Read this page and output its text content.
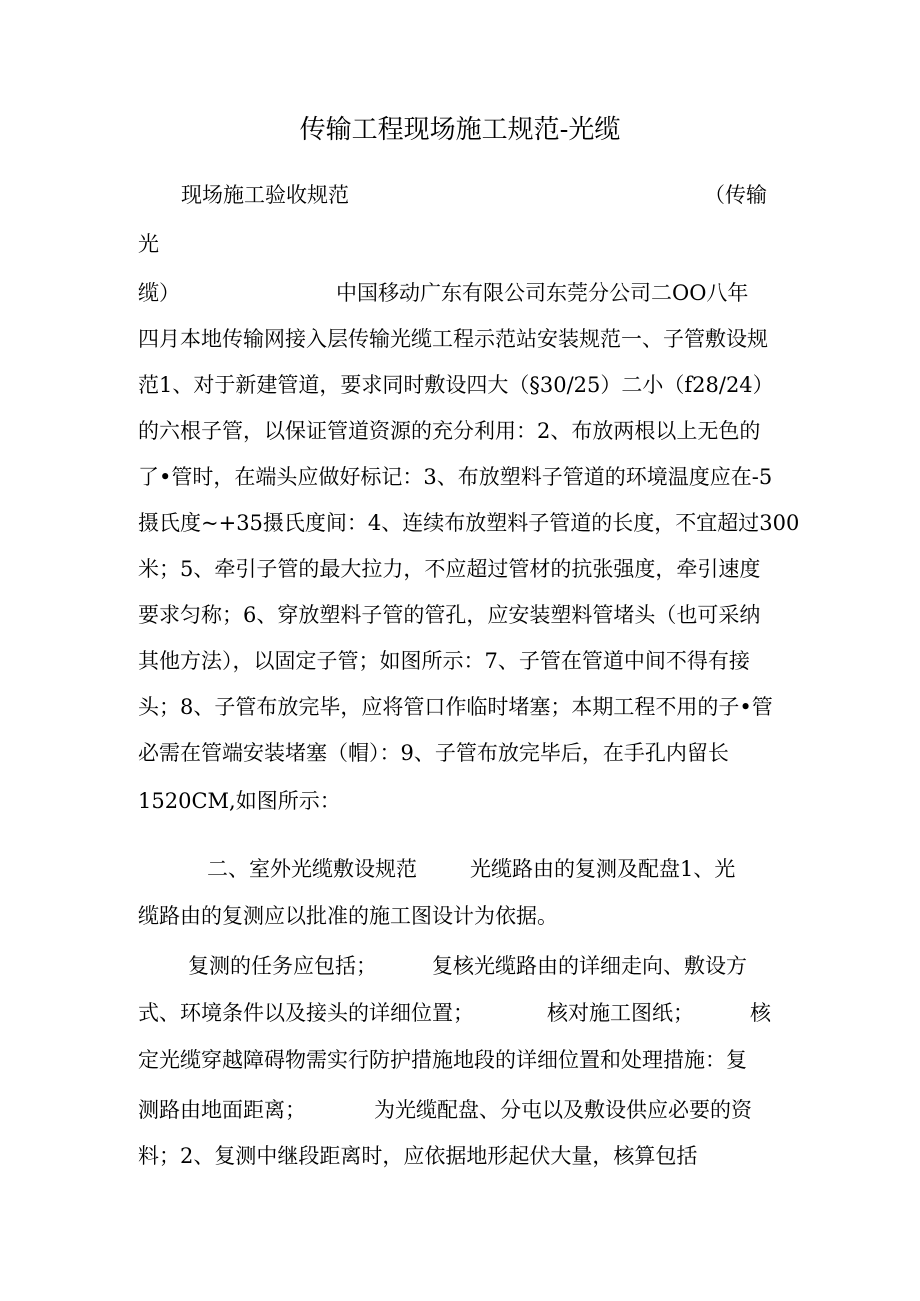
传输工程现场施工规范-光缆
现场施工验收规范	（传输
光
缆）	中国移动广东有限公司东莞分公司二OO八年
四月本地传输网接入层传输光缆工程示范站安装规范一、子管敷设规
范1、对于新建管道，要求同时敷设四大（§30/25）二小（f28/24）
的六根子管，以保证管道资源的充分利用：2、布放两根以上无色的
了•管时，在端头应做好标记：3、布放塑料子管道的环境温度应在-5
摄氏度~+35摄氏度间：4、连续布放塑料子管道的长度，不宜超过300
米；5、牵引子管的最大拉力，不应超过管材的抗张强度，牵引速度
要求匀称；6、穿放塑料子管的管孔，应安装塑料管堵头（也可采纳
其他方法），以固定子管；如图所示：7、子管在管道中间不得有接
头；8、子管布放完毕，应将管口作临时堵塞；本期工程不用的子•管
必需在管端安装堵塞（帽）：9、子管布放完毕后，在手孔内留长
1520CM,如图所示：
二、室外光缆敷设规范	光缆路由的复测及配盘1、光
缆路由的复测应以批准的施工图设计为依据。
复测的任务应包括；	复核光缆路由的详细走向、敷设方
式、环境条件以及接头的详细位置；	核对施工图纸；	核
定光缆穿越障碍物需实行防护措施地段的详细位置和处理措施：复
测路由地面距离；	为光缆配盘、分屯以及敷设供应必要的资
料；2、复测中继段距离时，应依据地形起伏大量，核算包括
